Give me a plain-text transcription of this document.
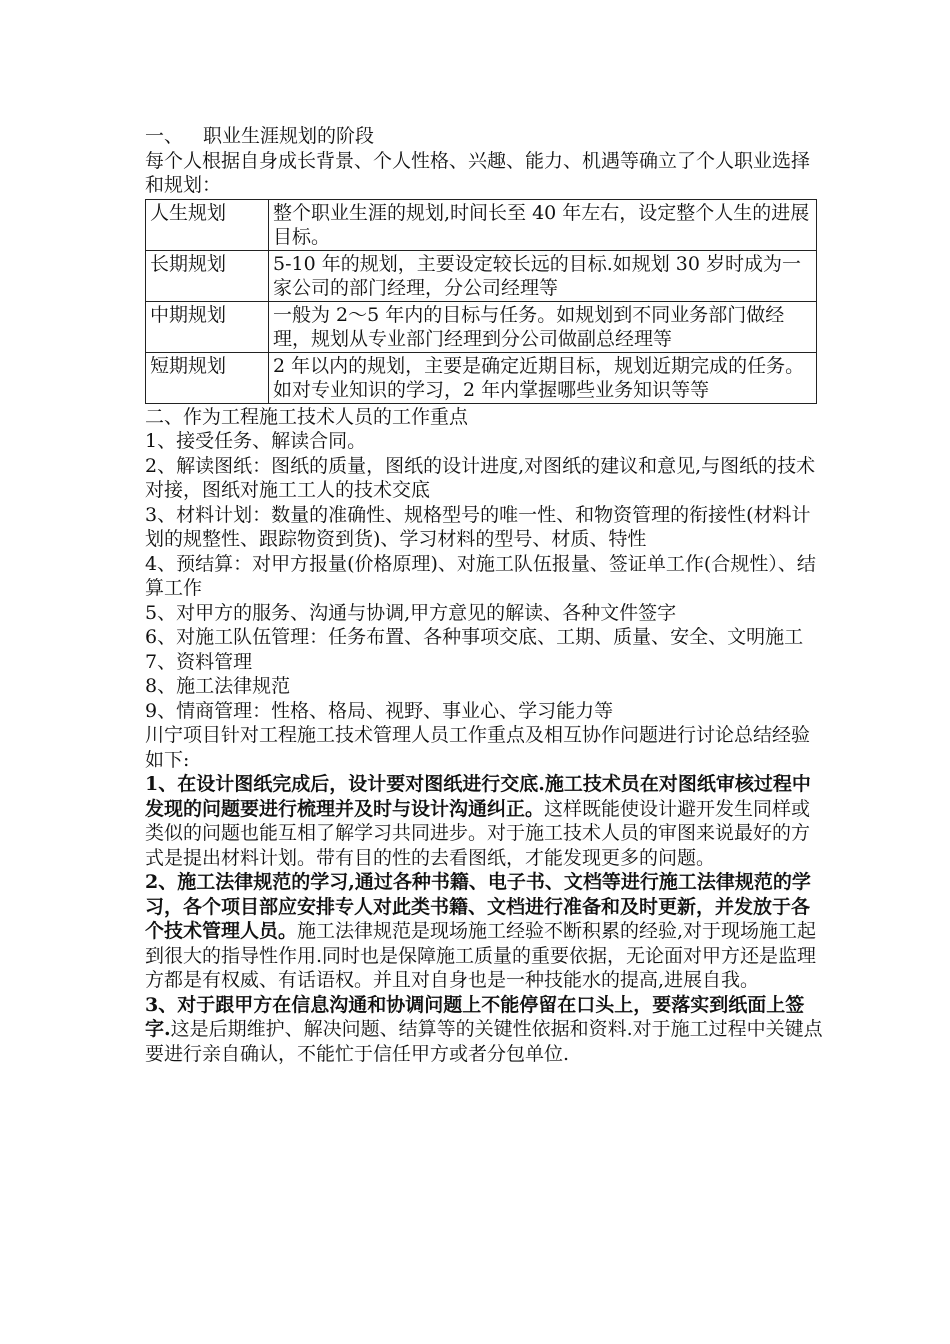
一、	职业生涯规划的阶段
每个人根据自身成长背景、个人性格、兴趣、能力、机遇等确立了个人职业选择和规划：
人生规划	整个职业生涯的规划,时间长至 40 年左右，设定整个人生的进展目标。
长期规划	5-10 年的规划，主要设定较长远的目标.如规划 30 岁时成为一家公司的部门经理，分公司经理等
中期规划	一般为 2～5 年内的目标与任务。如规划到不同业务部门做经理，规划从专业部门经理到分公司做副总经理等
短期规划	2 年以内的规划，主要是确定近期目标，规划近期完成的任务。如对专业知识的学习，2 年内掌握哪些业务知识等等
二、作为工程施工技术人员的工作重点
1、接受任务、解读合同。
2、解读图纸：图纸的质量，图纸的设计进度,对图纸的建议和意见,与图纸的技术对接，图纸对施工工人的技术交底
3、材料计划：数量的准确性、规格型号的唯一性、和物资管理的衔接性(材料计划的规整性、跟踪物资到货)、学习材料的型号、材质、特性
4、预结算：对甲方报量(价格原理)、对施工队伍报量、签证单工作(合规性）、结算工作
5、对甲方的服务、沟通与协调,甲方意见的解读、各种文件签字
6、对施工队伍管理：任务布置、各种事项交底、工期、质量、安全、文明施工
7、资料管理
8、施工法律规范
9、情商管理：性格、格局、视野、事业心、学习能力等
川宁项目针对工程施工技术管理人员工作重点及相互协作问题进行讨论总结经验如下:
1、在设计图纸完成后，设计要对图纸进行交底.施工技术员在对图纸审核过程中发现的问题要进行梳理并及时与设计沟通纠正。这样既能使设计避开发生同样或类似的问题也能互相了解学习共同进步。对于施工技术人员的审图来说最好的方式是提出材料计划。带有目的性的去看图纸，才能发现更多的问题。
2、施工法律规范的学习,通过各种书籍、电子书、文档等进行施工法律规范的学习，各个项目部应安排专人对此类书籍、文档进行准备和及时更新，并发放于各个技术管理人员。施工法律规范是现场施工经验不断积累的经验,对于现场施工起到很大的指导性作用.同时也是保障施工质量的重要依据，无论面对甲方还是监理方都是有权威、有话语权。并且对自身也是一种技能水的提高,进展自我。
3、对于跟甲方在信息沟通和协调问题上不能停留在口头上，要落实到纸面上签字.这是后期维护、解决问题、结算等的关键性依据和资料.对于施工过程中关键点要进行亲自确认，不能忙于信任甲方或者分包单位.
